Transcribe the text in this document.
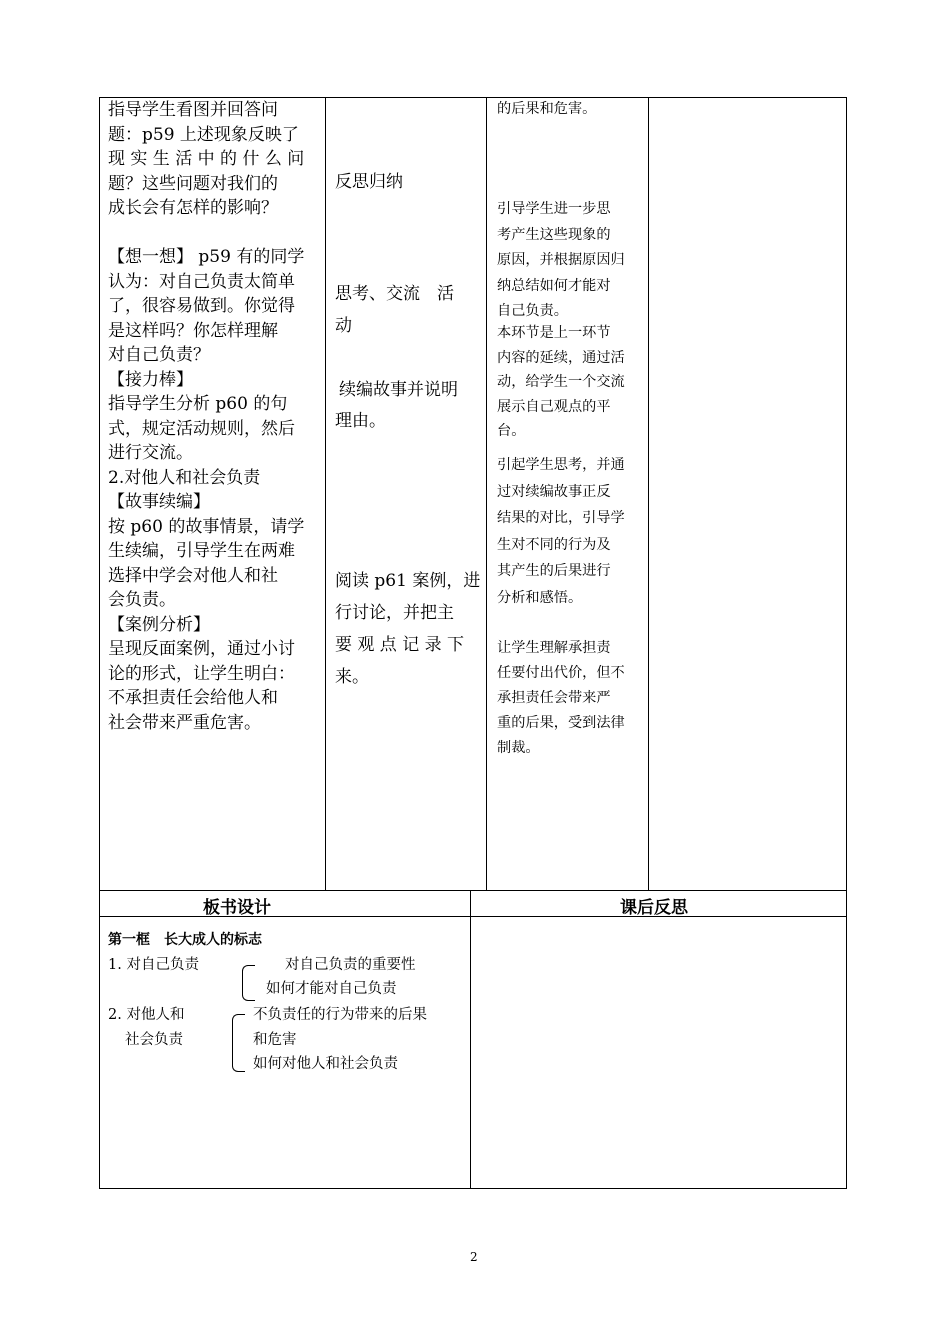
指导学生看图并回答问
题：p59 上述现象反映了
现 实 生 活 中 的 什 么 问
题？这些问题对我们的
成长会有怎样的影响？
【想一想】 p59 有的同学
认为：对自己负责太简单
了，很容易做到。你觉得
是这样吗？你怎样理解
对自己负责？
【接力棒】
指导学生分析 p60 的句
式，规定活动规则，然后
进行交流。
2.对他人和社会负责
【故事续编】
按 p60 的故事情景，请学
生续编，引导学生在两难
选择中学会对他人和社
会负责。
【案例分析】
呈现反面案例，通过小讨
论的形式，让学生明白：
不承担责任会给他人和
社会带来严重危害。
反思归纳
思考、交流　活
动
续编故事并说明
理由。
阅读 p61 案例，进
行讨论，并把主
要 观 点 记 录 下
来。
的后果和危害。
引导学生进一步思
考产生这些现象的
原因，并根据原因归
纳总结如何才能对
自己负责。
本环节是上一环节
内容的延续，通过活
动，给学生一个交流
展示自己观点的平
台。
引起学生思考，并通
过对续编故事正反
结果的对比，引导学
生对不同的行为及
其产生的后果进行
分析和感悟。
让学生理解承担责
任要付出代价，但不
承担责任会带来严
重的后果，受到法律
制裁。
板书设计	课后反思
第一框　长大成人的标志
1. 对自己负责	对自己负责的重要性
如何才能对自己负责
2. 对他人和
社会负责
不负责任的行为带来的后果
和危害
如何对他人和社会负责
2
